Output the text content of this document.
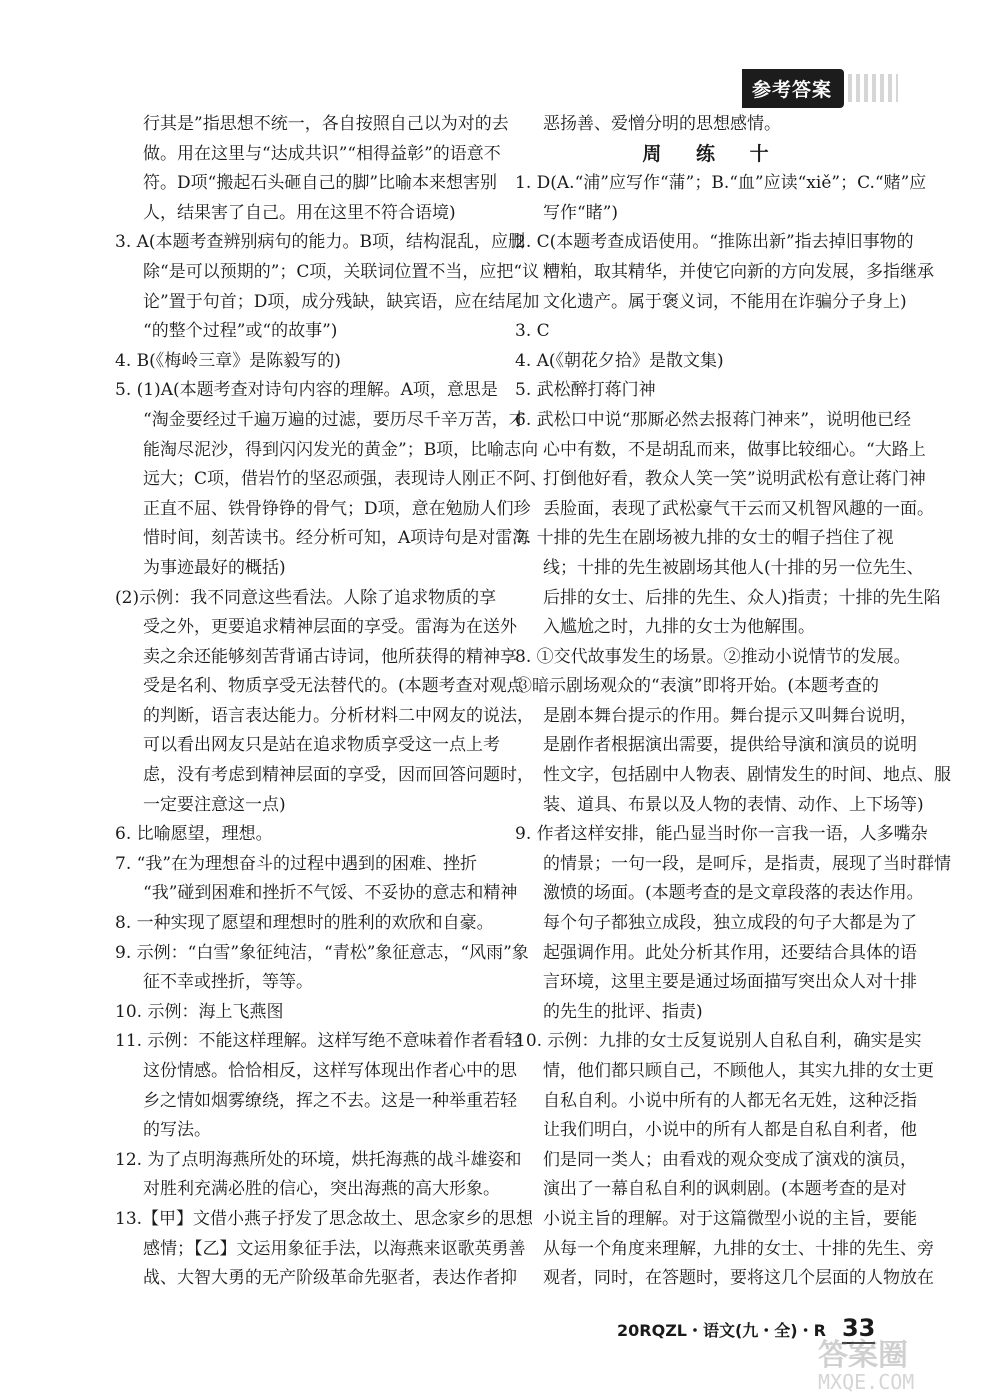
参考答案
行其是”指思想不统一，各自按照自己以为对的去
做。用在这里与“达成共识”“相得益彰”的语意不
符。D项“搬起石头砸自己的脚”比喻本来想害别
人，结果害了自己。用在这里不符合语境)
3. A(本题考查辨别病句的能力。B项，结构混乱，应删
除“是可以预期的”；C项，关联词位置不当，应把“议
论”置于句首；D项，成分残缺，缺宾语，应在结尾加
“的整个过程”或“的故事”)
4. B(《梅岭三章》是陈毅写的)
5. (1)A(本题考查对诗句内容的理解。A项，意思是
“淘金要经过千遍万遍的过滤，要历尽千辛万苦，才
能淘尽泥沙，得到闪闪发光的黄金”；B项，比喻志向
远大；C项，借岩竹的坚忍顽强，表现诗人刚正不阿、
正直不屈、铁骨铮铮的骨气；D项，意在勉励人们珍
惜时间，刻苦读书。经分析可知，A项诗句是对雷海
为事迹最好的概括)
(2)示例：我不同意这些看法。人除了追求物质的享
受之外，更要追求精神层面的享受。雷海为在送外
卖之余还能够刻苦背诵古诗词，他所获得的精神享
受是名利、物质享受无法替代的。(本题考查对观点
的判断，语言表达能力。分析材料二中网友的说法，
可以看出网友只是站在追求物质享受这一点上考
虑，没有考虑到精神层面的享受，因而回答问题时，
一定要注意这一点)
6. 比喻愿望，理想。
7. “我”在为理想奋斗的过程中遇到的困难、挫折
“我”碰到困难和挫折不气馁、不妥协的意志和精神
8. 一种实现了愿望和理想时的胜利的欢欣和自豪。
9. 示例：“白雪”象征纯洁，“青松”象征意志，“风雨”象
征不幸或挫折，等等。
10. 示例：海上飞燕图
11. 示例：不能这样理解。这样写绝不意味着作者看轻
这份情感。恰恰相反，这样写体现出作者心中的思
乡之情如烟雾缭绕，挥之不去。这是一种举重若轻
的写法。
12. 为了点明海燕所处的环境，烘托海燕的战斗雄姿和
对胜利充满必胜的信心，突出海燕的高大形象。
13.【甲】文借小燕子抒发了思念故土、思念家乡的思想
感情；【乙】文运用象征手法，以海燕来讴歌英勇善
战、大智大勇的无产阶级革命先驱者，表达作者抑
恶扬善、爱憎分明的思想感情。
周 练 十
1. D(A.“浦”应写作“蒲”；B.“血”应读“xiě”；C.“赌”应
写作“睹”)
2. C(本题考查成语使用。“推陈出新”指去掉旧事物的
糟粕，取其精华，并使它向新的方向发展，多指继承
文化遗产。属于褒义词，不能用在诈骗分子身上)
3. C
4. A(《朝花夕拾》是散文集)
5. 武松醉打蒋门神
6. 武松口中说“那厮必然去报蒋门神来”，说明他已经
心中有数，不是胡乱而来，做事比较细心。“大路上
打倒他好看，教众人笑一笑”说明武松有意让蒋门神
丢脸面，表现了武松豪气干云而又机智风趣的一面。
7. 十排的先生在剧场被九排的女士的帽子挡住了视
线；十排的先生被剧场其他人(十排的另一位先生、
后排的女士、后排的先生、众人)指责；十排的先生陷
入尴尬之时，九排的女士为他解围。
8. ①交代故事发生的场景。②推动小说情节的发展。
③暗示剧场观众的“表演”即将开始。(本题考查的
是剧本舞台提示的作用。舞台提示又叫舞台说明，
是剧作者根据演出需要，提供给导演和演员的说明
性文字，包括剧中人物表、剧情发生的时间、地点、服
装、道具、布景以及人物的表情、动作、上下场等)
9. 作者这样安排，能凸显当时你一言我一语，人多嘴杂
的情景；一句一段，是呵斥，是指责，展现了当时群情
激愤的场面。(本题考查的是文章段落的表达作用。
每个句子都独立成段，独立成段的句子大都是为了
起强调作用。此处分析其作用，还要结合具体的语
言环境，这里主要是通过场面描写突出众人对十排
的先生的批评、指责)
10. 示例：九排的女士反复说别人自私自利，确实是实
情，他们都只顾自己，不顾他人，其实九排的女士更
自私自利。小说中所有的人都无名无姓，这种泛指
让我们明白，小说中的所有人都是自私自利者，他
们是同一类人；由看戏的观众变成了演戏的演员，
演出了一幕自私自利的讽刺剧。(本题考查的是对
小说主旨的理解。对于这篇微型小说的主旨，要能
从每一个角度来理解，九排的女士、十排的先生、旁
观者，同时，在答题时，要将这几个层面的人物放在
20RQZL・语文(九・全)・R 33
答案圈
MXQE.COM
